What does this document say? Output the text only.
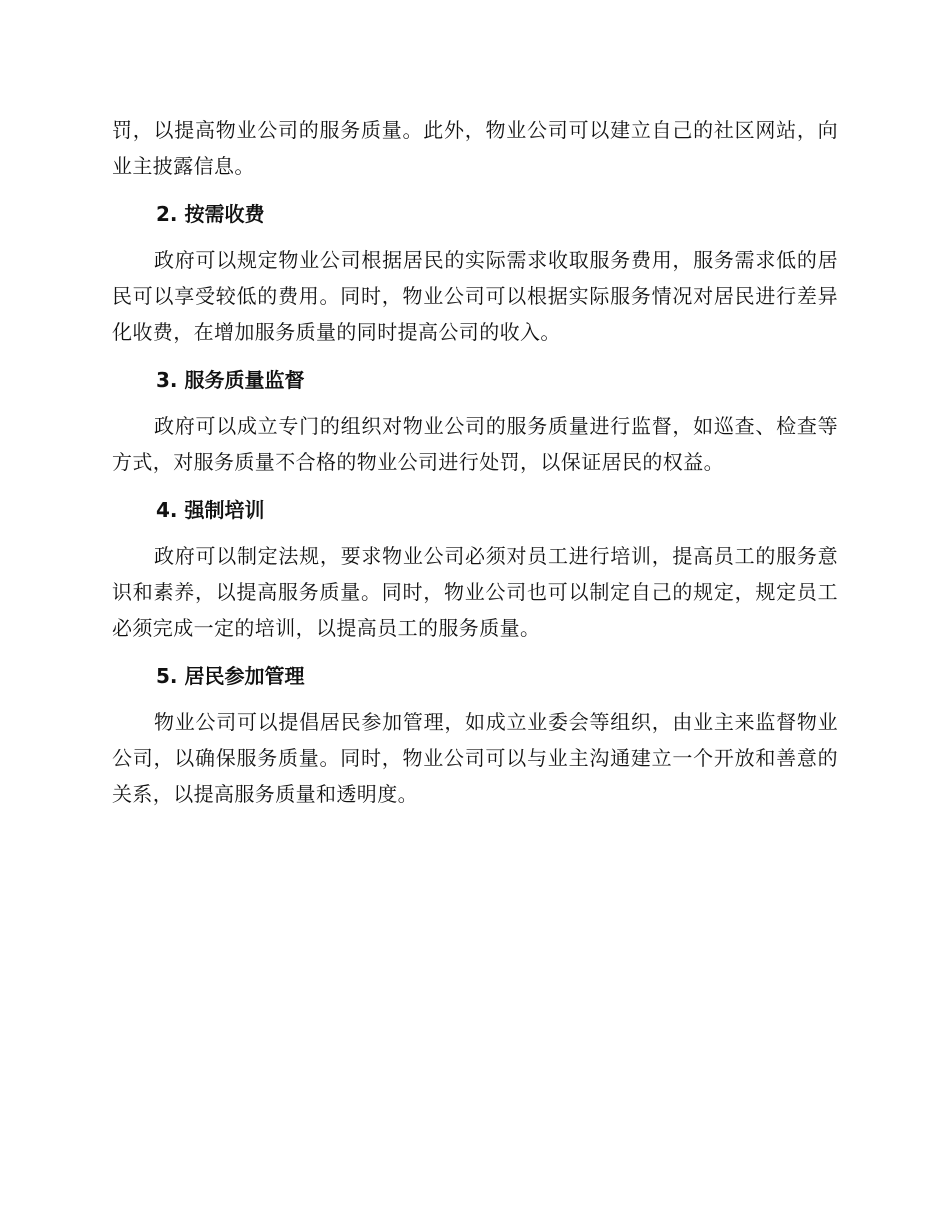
罚，以提高物业公司的服务质量。此外，物业公司可以建立自己的社区网站，向业主披露信息。

2. 按需收费

政府可以规定物业公司根据居民的实际需求收取服务费用，服务需求低的居民可以享受较低的费用。同时，物业公司可以根据实际服务情况对居民进行差异化收费，在增加服务质量的同时提高公司的收入。

3. 服务质量监督

政府可以成立专门的组织对物业公司的服务质量进行监督，如巡查、检查等方式，对服务质量不合格的物业公司进行处罚，以保证居民的权益。

4. 强制培训

政府可以制定法规，要求物业公司必须对员工进行培训，提高员工的服务意识和素养，以提高服务质量。同时，物业公司也可以制定自己的规定，规定员工必须完成一定的培训，以提高员工的服务质量。

5. 居民参加管理

物业公司可以提倡居民参加管理，如成立业委会等组织，由业主来监督物业公司，以确保服务质量。同时，物业公司可以与业主沟通建立一个开放和善意的关系，以提高服务质量和透明度。
